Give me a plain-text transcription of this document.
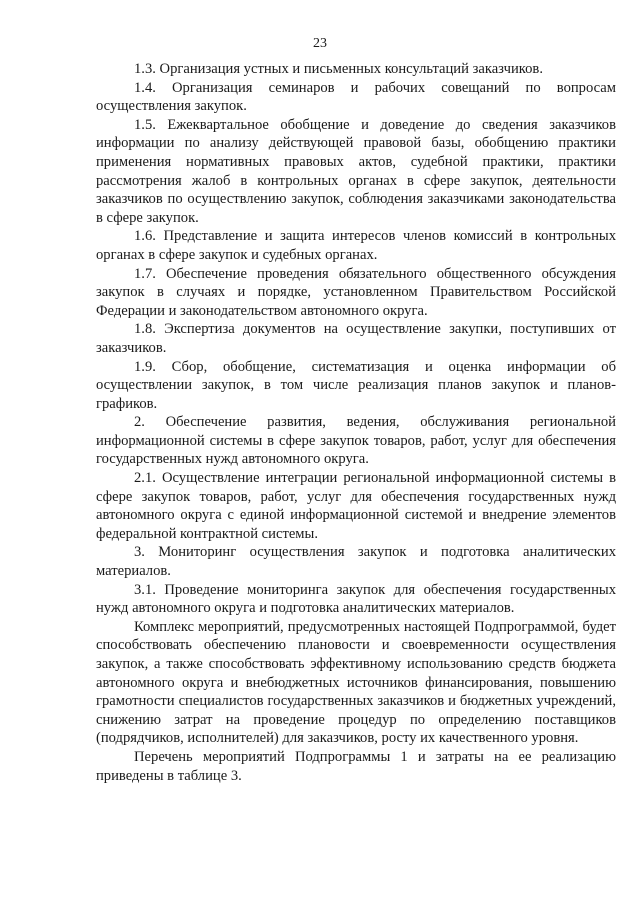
23

1.3. Организация устных и письменных консультаций заказчиков.

1.4. Организация семинаров и рабочих совещаний по вопросам осуществления закупок.

1.5. Ежеквартальное обобщение и доведение до сведения заказчиков информации по анализу действующей правовой базы, обобщению практики применения нормативных правовых актов, судебной практики, практики рассмотрения жалоб в контрольных органах в сфере закупок, деятельности заказчиков по осуществлению закупок, соблюдения заказчиками законодательства в сфере закупок.

1.6. Представление и защита интересов членов комиссий в контрольных органах в сфере закупок и судебных органах.

1.7. Обеспечение проведения обязательного общественного обсуждения закупок в случаях и порядке, установленном Правительством Российской Федерации и законодательством автономного округа.

1.8. Экспертиза документов на осуществление закупки, поступивших от заказчиков.

1.9. Сбор, обобщение, систематизация и оценка информации об осуществлении закупок, в том числе реализация планов закупок и планов-графиков.

2. Обеспечение развития, ведения, обслуживания региональной информационной системы в сфере закупок товаров, работ, услуг для обеспечения государственных нужд автономного округа.

2.1. Осуществление интеграции региональной информационной системы в сфере закупок товаров, работ, услуг для обеспечения государственных нужд автономного округа с единой информационной системой и внедрение элементов федеральной контрактной системы.

3. Мониторинг осуществления закупок и подготовка аналитических материалов.

3.1. Проведение мониторинга закупок для обеспечения государственных нужд автономного округа и подготовка аналитических материалов.

Комплекс мероприятий, предусмотренных настоящей Подпрограммой, будет способствовать обеспечению плановости и своевременности осуществления закупок, а также способствовать эффективному использованию средств бюджета автономного округа и внебюджетных источников финансирования, повышению грамотности специалистов государственных заказчиков и бюджетных учреждений, снижению затрат на проведение процедур по определению поставщиков (подрядчиков, исполнителей) для заказчиков, росту их качественного уровня.

Перечень мероприятий Подпрограммы 1 и затраты на ее реализацию приведены в таблице 3.
